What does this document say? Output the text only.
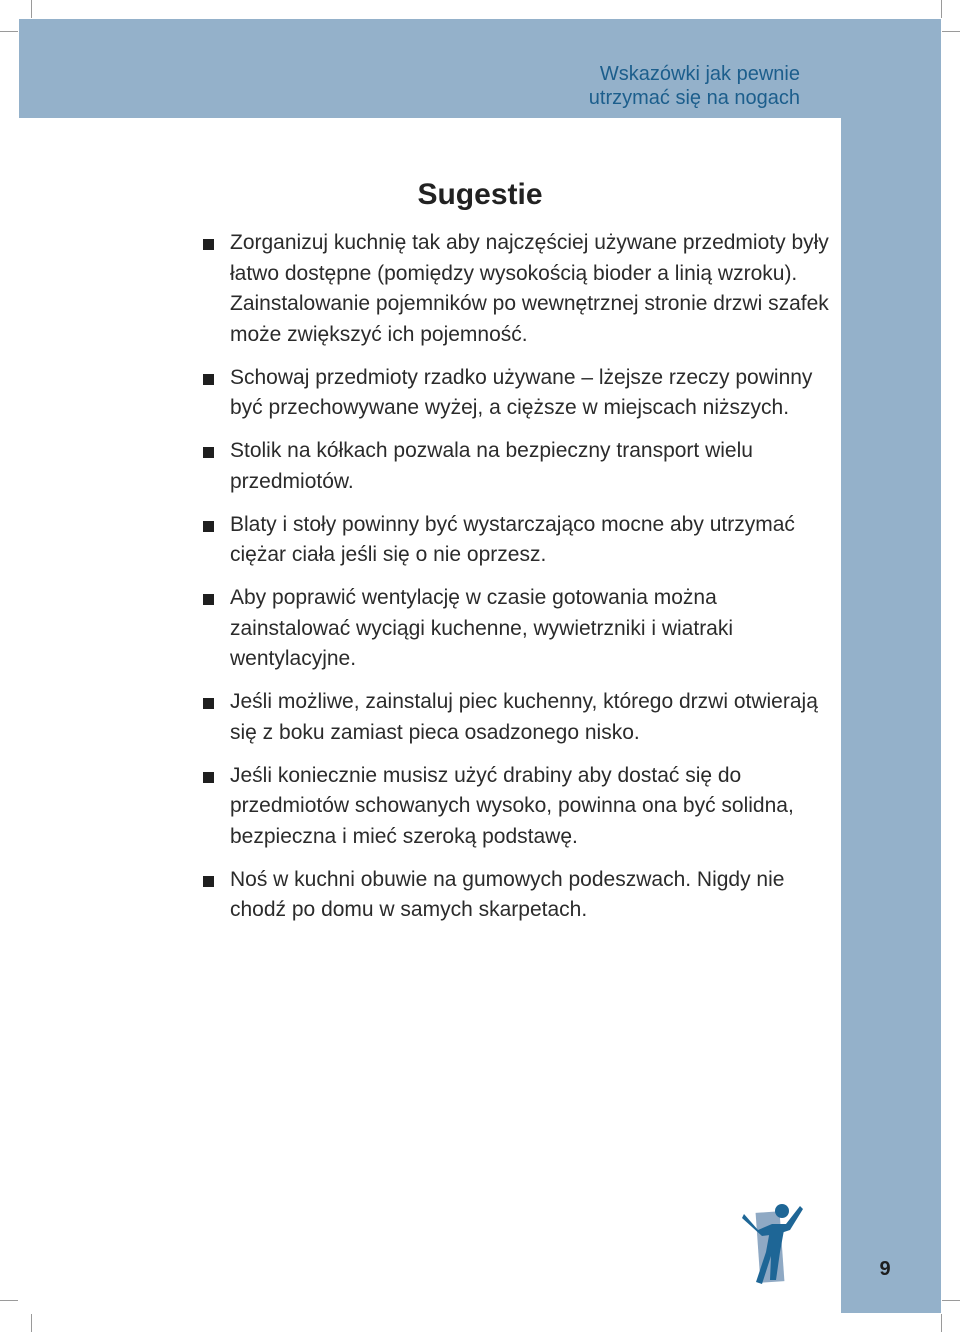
Wskazówki jak pewnie
utrzymać się na nogach
Sugestie
Zorganizuj kuchnię tak aby najczęściej używane przedmioty były łatwo dostępne (pomiędzy wysokością bioder a linią wzroku). Zainstalowanie pojemników po wewnętrznej stronie drzwi szafek może zwiększyć ich pojemność.
Schowaj przedmioty rzadko używane – lżejsze rzeczy powinny być przechowywane wyżej, a cięższe w miejscach niższych.
Stolik na kółkach pozwala na bezpieczny transport wielu przedmiotów.
Blaty i stoły powinny być wystarczająco mocne aby utrzymać ciężar ciała jeśli się o nie oprzesz.
Aby poprawić wentylację w czasie gotowania można zainstalować wyciągi kuchenne, wywietrzniki i wiatraki wentylacyjne.
Jeśli możliwe, zainstaluj piec kuchenny, którego drzwi otwierają się z boku zamiast pieca osadzonego nisko.
Jeśli koniecznie musisz użyć drabiny aby dostać się do przedmiotów schowanych wysoko, powinna ona być solidna, bezpieczna i mieć szeroką podstawę.
Noś w kuchni obuwie na gumowych podeszwach. Nigdy nie chodź po domu w samych skarpetach.
9
